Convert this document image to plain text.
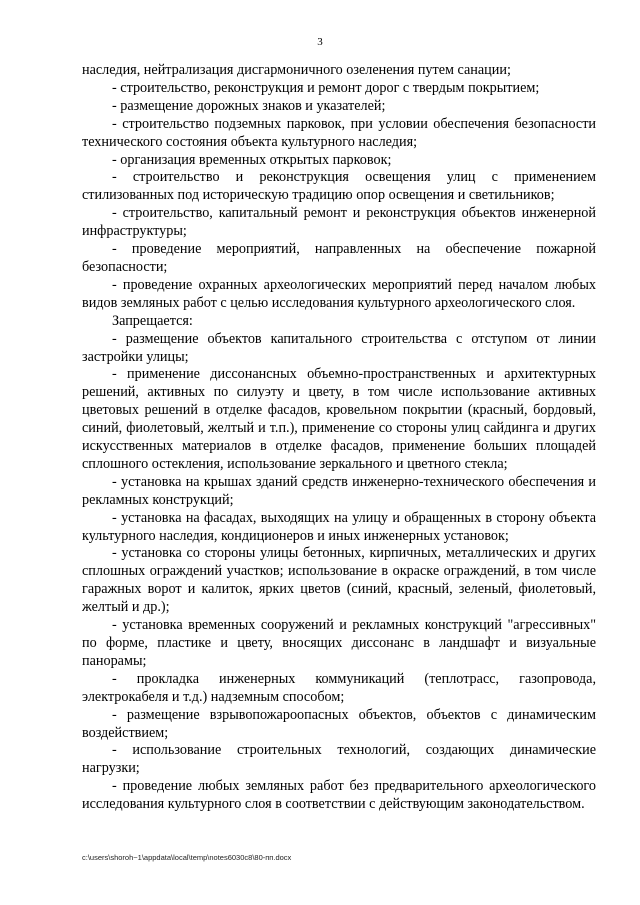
3

наследия, нейтрализация дисгармоничного озеленения путем санации;

- строительство, реконструкция и ремонт дорог с твердым покрытием;

- размещение дорожных знаков и указателей;

- строительство подземных парковок, при условии обеспечения безопасности технического состояния объекта культурного наследия;

- организация временных открытых парковок;

- строительство и реконструкция освещения улиц с применением стилизованных под историческую традицию опор освещения и светильников;

- строительство, капитальный ремонт и реконструкция объектов инженерной инфраструктуры;

- проведение мероприятий, направленных на обеспечение пожарной безопасности;

- проведение охранных археологических мероприятий перед началом любых видов земляных работ с целью исследования культурного археологического слоя.

Запрещается:

- размещение объектов капитального строительства с отступом от линии застройки улицы;

- применение диссонансных объемно-пространственных и архитектурных решений, активных по силуэту и цвету, в том числе использование активных цветовых решений в отделке фасадов, кровельном покрытии (красный, бордовый, синий, фиолетовый, желтый и т.п.), применение со стороны улиц сайдинга и других искусственных материалов в отделке фасадов, применение больших площадей сплошного остекления, использование зеркального и цветного стекла;

- установка на крышах зданий средств инженерно-технического обеспечения и рекламных конструкций;

- установка на фасадах, выходящих на улицу и обращенных в сторону объекта культурного наследия, кондиционеров и иных инженерных установок;

- установка со стороны улицы бетонных, кирпичных, металлических и других сплошных ограждений участков; использование в окраске ограждений, в том числе гаражных ворот и калиток, ярких цветов (синий, красный, зеленый, фиолетовый, желтый и др.);

- установка временных сооружений и рекламных конструкций "агрессивных" по форме, пластике и цвету, вносящих диссонанс в ландшафт и визуальные панорамы;

- прокладка инженерных коммуникаций (теплотрасс, газопровода, электрокабеля и т.д.) надземным способом;

- размещение взрывопожароопасных объектов, объектов с динамическим воздействием;

- использование строительных технологий, создающих динамические нагрузки;

- проведение любых земляных работ без предварительного археологического исследования культурного слоя в соответствии с действующим законодательством.

c:\users\shoroh~1\appdata\local\temp\notes6030c8\80-пп.docx
